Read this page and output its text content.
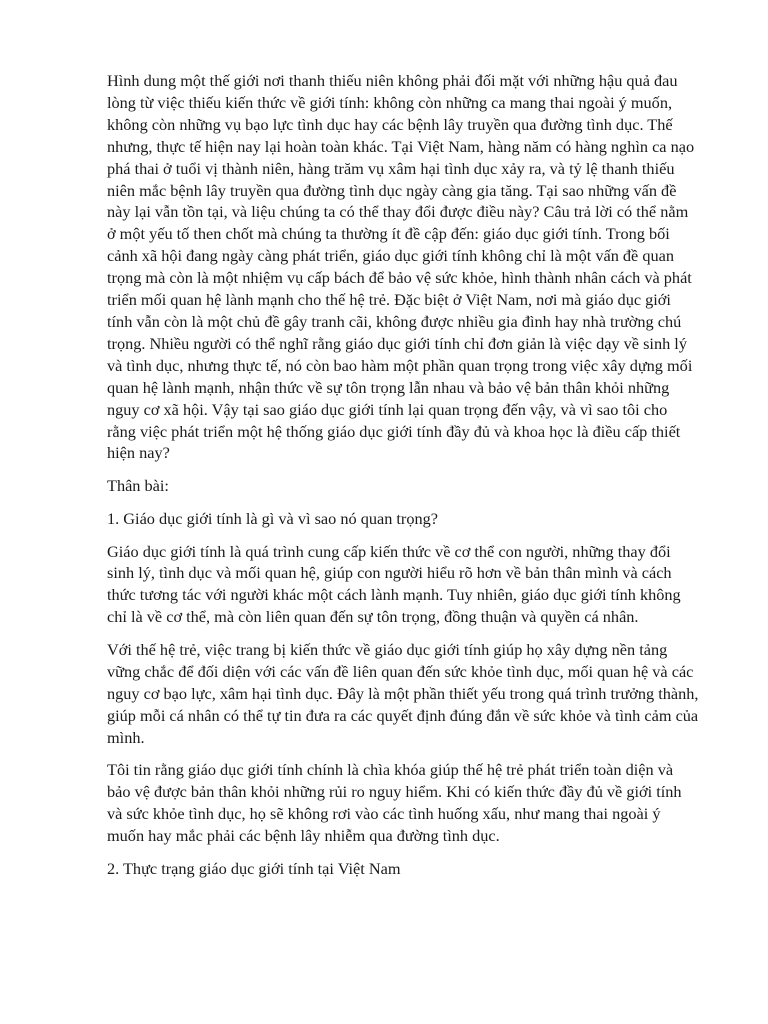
Hình dung một thế giới nơi thanh thiếu niên không phải đối mặt với những hậu quả đau lòng từ việc thiếu kiến thức về giới tính: không còn những ca mang thai ngoài ý muốn, không còn những vụ bạo lực tình dục hay các bệnh lây truyền qua đường tình dục. Thế nhưng, thực tế hiện nay lại hoàn toàn khác. Tại Việt Nam, hàng năm có hàng nghìn ca nạo phá thai ở tuổi vị thành niên, hàng trăm vụ xâm hại tình dục xảy ra, và tỷ lệ thanh thiếu niên mắc bệnh lây truyền qua đường tình dục ngày càng gia tăng. Tại sao những vấn đề này lại vẫn tồn tại, và liệu chúng ta có thể thay đổi được điều này? Câu trả lời có thể nằm ở một yếu tố then chốt mà chúng ta thường ít đề cập đến: giáo dục giới tính. Trong bối cảnh xã hội đang ngày càng phát triển, giáo dục giới tính không chỉ là một vấn đề quan trọng mà còn là một nhiệm vụ cấp bách để bảo vệ sức khỏe, hình thành nhân cách và phát triển mối quan hệ lành mạnh cho thế hệ trẻ. Đặc biệt ở Việt Nam, nơi mà giáo dục giới tính vẫn còn là một chủ đề gây tranh cãi, không được nhiều gia đình hay nhà trường chú trọng. Nhiều người có thể nghĩ rằng giáo dục giới tính chỉ đơn giản là việc dạy về sinh lý và tình dục, nhưng thực tế, nó còn bao hàm một phần quan trọng trong việc xây dựng mối quan hệ lành mạnh, nhận thức về sự tôn trọng lẫn nhau và bảo vệ bản thân khỏi những nguy cơ xã hội. Vậy tại sao giáo dục giới tính lại quan trọng đến vậy, và vì sao tôi cho rằng việc phát triển một hệ thống giáo dục giới tính đầy đủ và khoa học là điều cấp thiết hiện nay?

Thân bài:

1. Giáo dục giới tính là gì và vì sao nó quan trọng?

Giáo dục giới tính là quá trình cung cấp kiến thức về cơ thể con người, những thay đổi sinh lý, tình dục và mối quan hệ, giúp con người hiểu rõ hơn về bản thân mình và cách thức tương tác với người khác một cách lành mạnh. Tuy nhiên, giáo dục giới tính không chỉ là về cơ thể, mà còn liên quan đến sự tôn trọng, đồng thuận và quyền cá nhân.

Với thế hệ trẻ, việc trang bị kiến thức về giáo dục giới tính giúp họ xây dựng nền tảng vững chắc để đối diện với các vấn đề liên quan đến sức khỏe tình dục, mối quan hệ và các nguy cơ bạo lực, xâm hại tình dục. Đây là một phần thiết yếu trong quá trình trưởng thành, giúp mỗi cá nhân có thể tự tin đưa ra các quyết định đúng đắn về sức khỏe và tình cảm của mình.

Tôi tin rằng giáo dục giới tính chính là chìa khóa giúp thế hệ trẻ phát triển toàn diện và bảo vệ được bản thân khỏi những rủi ro nguy hiểm. Khi có kiến thức đầy đủ về giới tính và sức khỏe tình dục, họ sẽ không rơi vào các tình huống xấu, như mang thai ngoài ý muốn hay mắc phải các bệnh lây nhiễm qua đường tình dục.

2. Thực trạng giáo dục giới tính tại Việt Nam
